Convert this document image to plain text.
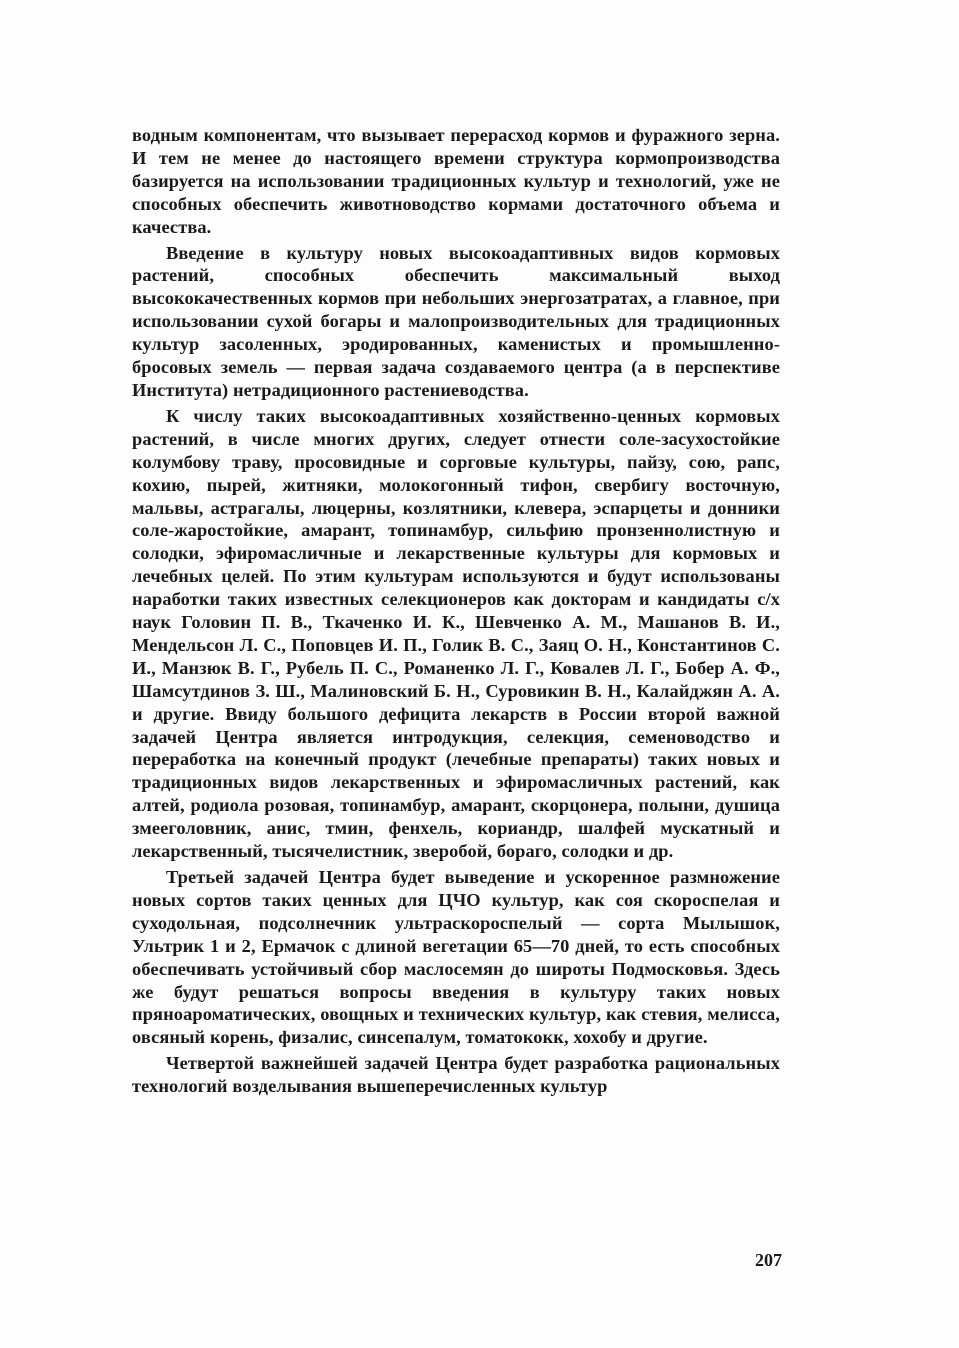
водным компонентам, что вызывает перерасход кормов и фуражного зерна. И тем не менее до настоящего времени структура кормопроизводства базируется на использовании традиционных культур и технологий, уже не способных обеспечить животноводство кормами достаточного объема и качества.

Введение в культуру новых высокоадаптивных видов кормовых растений, способных обеспечить максимальный выход высококачественных кормов при небольших энергозатратах, а главное, при использовании сухой богары и малопроизводительных для традиционных культур засоленных, эродированных, каменистых и промышленно-бросовых земель — первая задача создаваемого центра (а в перспективе Института) нетрадиционного растениеводства.

К числу таких высокоадаптивных хозяйственно-ценных кормовых растений, в числе многих других, следует отнести соле-засухостойкие колумбову траву, просовидные и сорговые культуры, пайзу, сою, рапс, кохию, пырей, житняки, молокогонный тифон, свербигу восточную, мальвы, астрагалы, люцерны, козлятники, клевера, эспарцеты и донники соле-жаростойкие, амарант, топинамбур, сильфию пронзеннолистную и солодки, эфиромасличные и лекарственные культуры для кормовых и лечебных целей. По этим культурам используются и будут использованы наработки таких известных селекционеров как докторам и кандидаты с/х наук Головин П. В., Ткаченко И. К., Шевченко А. М., Машанов В. И., Мендельсон Л. С., Поповцев И. П., Голик В. С., Заяц О. Н., Константинов С. И., Манзюк В. Г., Рубель П. С., Романенко Л. Г., Ковалев Л. Г., Бобер А. Ф., Шамсутдинов З. Ш., Малиновский Б. Н., Суровикин В. Н., Калайджян А. А. и другие. Ввиду большого дефицита лекарств в России второй важной задачей Центра является интродукция, селекция, семеноводство и переработка на конечный продукт (лечебные препараты) таких новых и традиционных видов лекарственных и эфиромасличных растений, как алтей, родиола розовая, топинамбур, амарант, скорцонера, полыни, душица змееголовник, анис, тмин, фенхель, кориандр, шалфей мускатный и лекарственный, тысячелистник, зверобой, бораго, солодки и др.

Третьей задачей Центра будет выведение и ускоренное размножение новых сортов таких ценных для ЦЧО культур, как соя скороспелая и суходольная, подсолнечник ультраскороспелый — сорта Мылышок, Ультрик 1 и 2, Ермачок с длиной вегетации 65—70 дней, то есть способных обеспечивать устойчивый сбор маслосемян до широты Подмосковья. Здесь же будут решаться вопросы введения в культуру таких новых пряноароматических, овощных и технических культур, как стевия, мелисса, овсяный корень, физалис, синсепалум, томатококк, хохобу и другие.

Четвертой важнейшей задачей Центра будет разработка рациональных технологий возделывания вышеперечисленных культур

207
